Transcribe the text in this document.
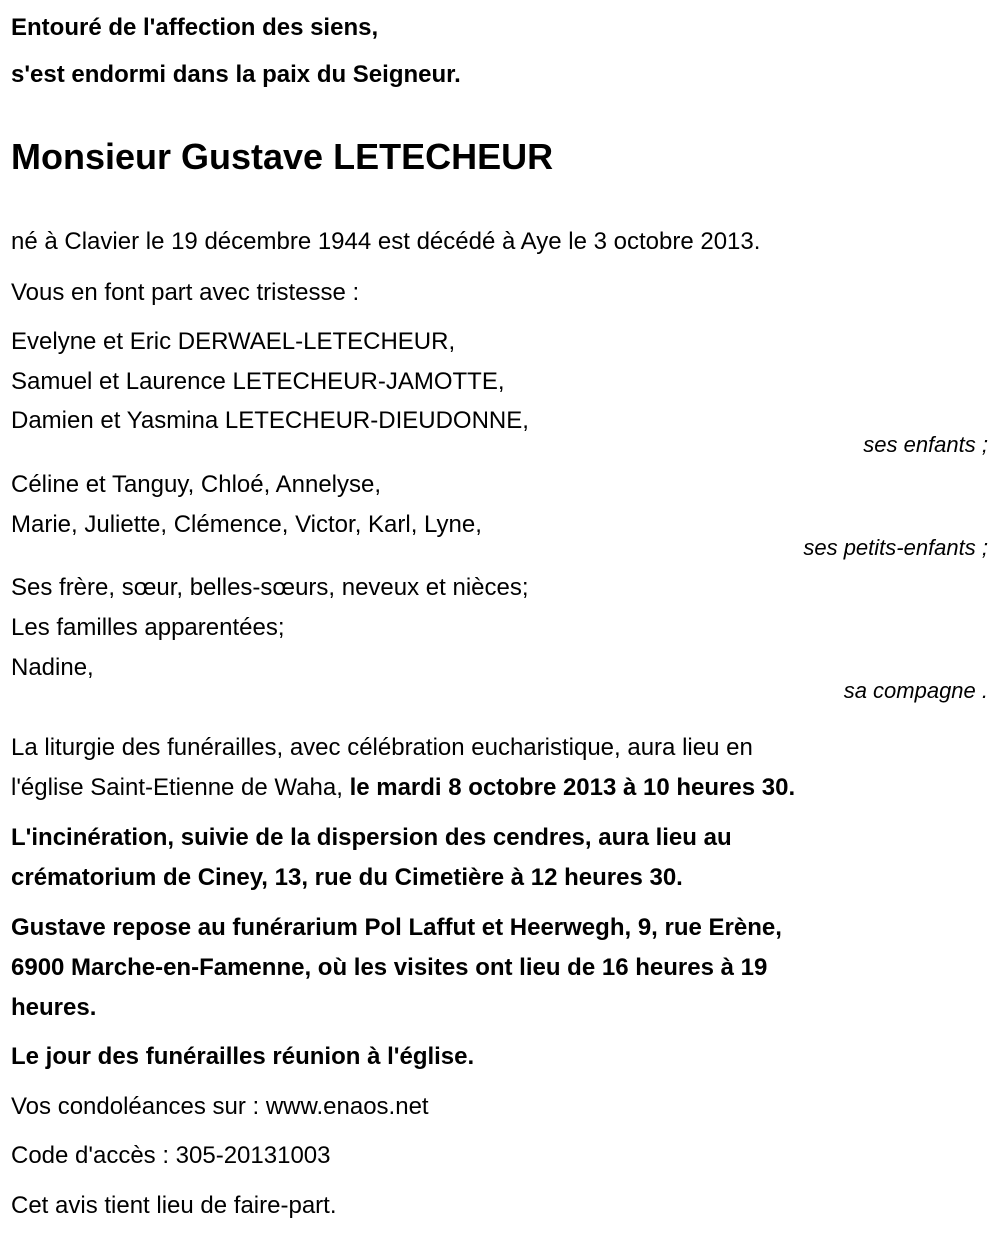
Entouré de l'affection des siens,
s'est endormi dans la paix du Seigneur.
Monsieur Gustave LETECHEUR
né à Clavier le 19 décembre 1944 est décédé à Aye le 3 octobre 2013.
Vous en font part avec tristesse :
Evelyne et Eric DERWAEL-LETECHEUR,
Samuel et Laurence LETECHEUR-JAMOTTE,
Damien et Yasmina LETECHEUR-DIEUDONNE,
ses enfants ;
Céline et Tanguy, Chloé, Annelyse,
Marie, Juliette, Clémence, Victor, Karl, Lyne,
ses petits-enfants ;
Ses frère, sœur, belles-sœurs, neveux et nièces;
Les familles apparentées;
Nadine,
sa compagne .
La liturgie des funérailles, avec célébration eucharistique, aura lieu en
l'église Saint-Etienne de Waha, le mardi 8 octobre 2013 à 10 heures 30.
L'incinération, suivie de la dispersion des cendres, aura lieu au
crématorium de Ciney, 13, rue du Cimetière à 12 heures 30.
Gustave repose au funérarium Pol Laffut et Heerwegh, 9, rue Erène,
6900 Marche-en-Famenne, où les visites ont lieu de 16 heures à 19
heures.
Le jour des funérailles réunion à l'église.
Vos condoléances sur : www.enaos.net
Code d'accès : 305-20131003
Cet avis tient lieu de faire-part.
